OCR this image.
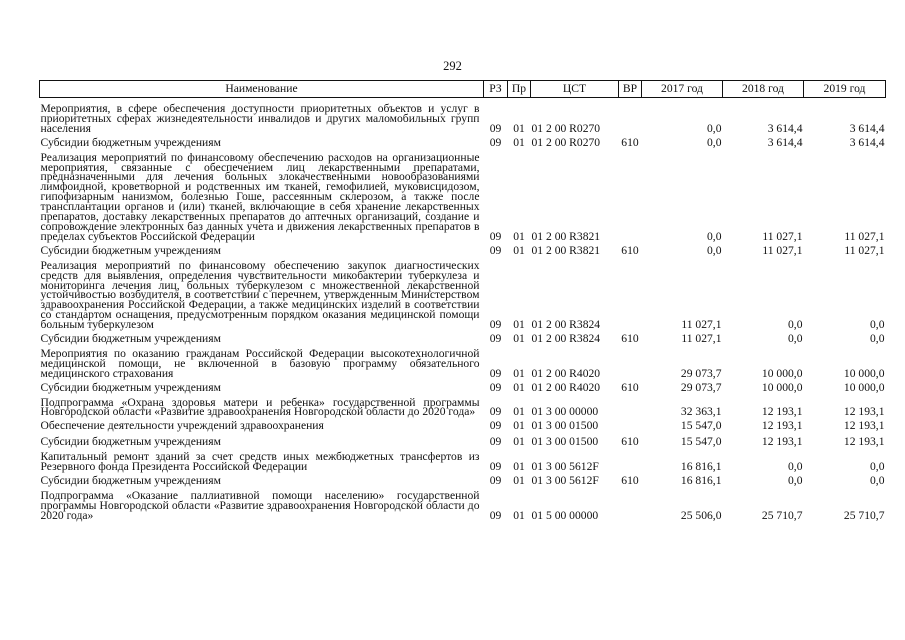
292
Наименование	РЗ	Пр	ЦСТ	ВР	2017 год	2018 год	2019 год

Мероприятия, в сфере обеспечения доступности приоритетных объектов и услуг в приоритетных сферах жизнедеятельности инвалидов и других маломобильных групп населения	09	01	01 2 00 R0270		0,0	3 614,4	3 614,4
Субсидии бюджетным учреждениям	09	01	01 2 00 R0270	610	0,0	3 614,4	3 614,4
Реализация мероприятий по финансовому обеспечению расходов на организационные мероприятия, связанные с обеспечением лиц лекарственными препаратами, предназначенными для лечения больных злокачественными новообразованиями лимфоидной, кроветворной и родственных им тканей, гемофилией, муковисцидозом, гипофизарным нанизмом, болезнью Гоше, рассеянным склерозом, а также после трансплантации органов и (или) тканей, включающие в себя хранение лекарственных препаратов, доставку лекарственных препаратов до аптечных организаций, создание и сопровождение электронных баз данных учета и движения лекарственных препаратов в пределах субъектов Российской Федерации	09	01	01 2 00 R3821		0,0	11 027,1	11 027,1
Субсидии бюджетным учреждениям	09	01	01 2 00 R3821	610	0,0	11 027,1	11 027,1
Реализация мероприятий по финансовому обеспечению закупок диагностических средств для выявления, определения чувствительности микобактерии туберкулеза и мониторинга лечения лиц, больных туберкулезом с множественной лекарственной устойчивостью возбудителя, в соответствии с перечнем, утвержденным Министерством здравоохранения Российской Федерации, а также медицинских изделий в соответствии со стандартом оснащения, предусмотренным порядком оказания медицинской помощи больным туберкулезом	09	01	01 2 00 R3824		11 027,1	0,0	0,0
Субсидии бюджетным учреждениям	09	01	01 2 00 R3824	610	11 027,1	0,0	0,0
Мероприятия по оказанию гражданам Российской Федерации высокотехнологичной медицинской помощи, не включенной в базовую программу обязательного медицинского страхования	09	01	01 2 00 R4020		29 073,7	10 000,0	10 000,0
Субсидии бюджетным учреждениям	09	01	01 2 00 R4020	610	29 073,7	10 000,0	10 000,0
Подпрограмма «Охрана здоровья матери и ребенка» государственной программы Новгородской области «Развитие здравоохранения Новгородской области до 2020 года»	09	01	01 3 00 00000		32 363,1	12 193,1	12 193,1
Обеспечение деятельности учреждений здравоохранения	09	01	01 3 00 01500		15 547,0	12 193,1	12 193,1
Субсидии бюджетным учреждениям	09	01	01 3 00 01500	610	15 547,0	12 193,1	12 193,1
Капитальный ремонт зданий за счет средств иных межбюджетных трансфертов из Резервного фонда Президента Российской Федерации	09	01	01 3 00 5612F		16 816,1	0,0	0,0
Субсидии бюджетным учреждениям	09	01	01 3 00 5612F	610	16 816,1	0,0	0,0
Подпрограмма «Оказание паллиативной помощи населению» государственной программы Новгородской области «Развитие здравоохранения Новгородской области до 2020 года»	09	01	01 5 00 00000		25 506,0	25 710,7	25 710,7
